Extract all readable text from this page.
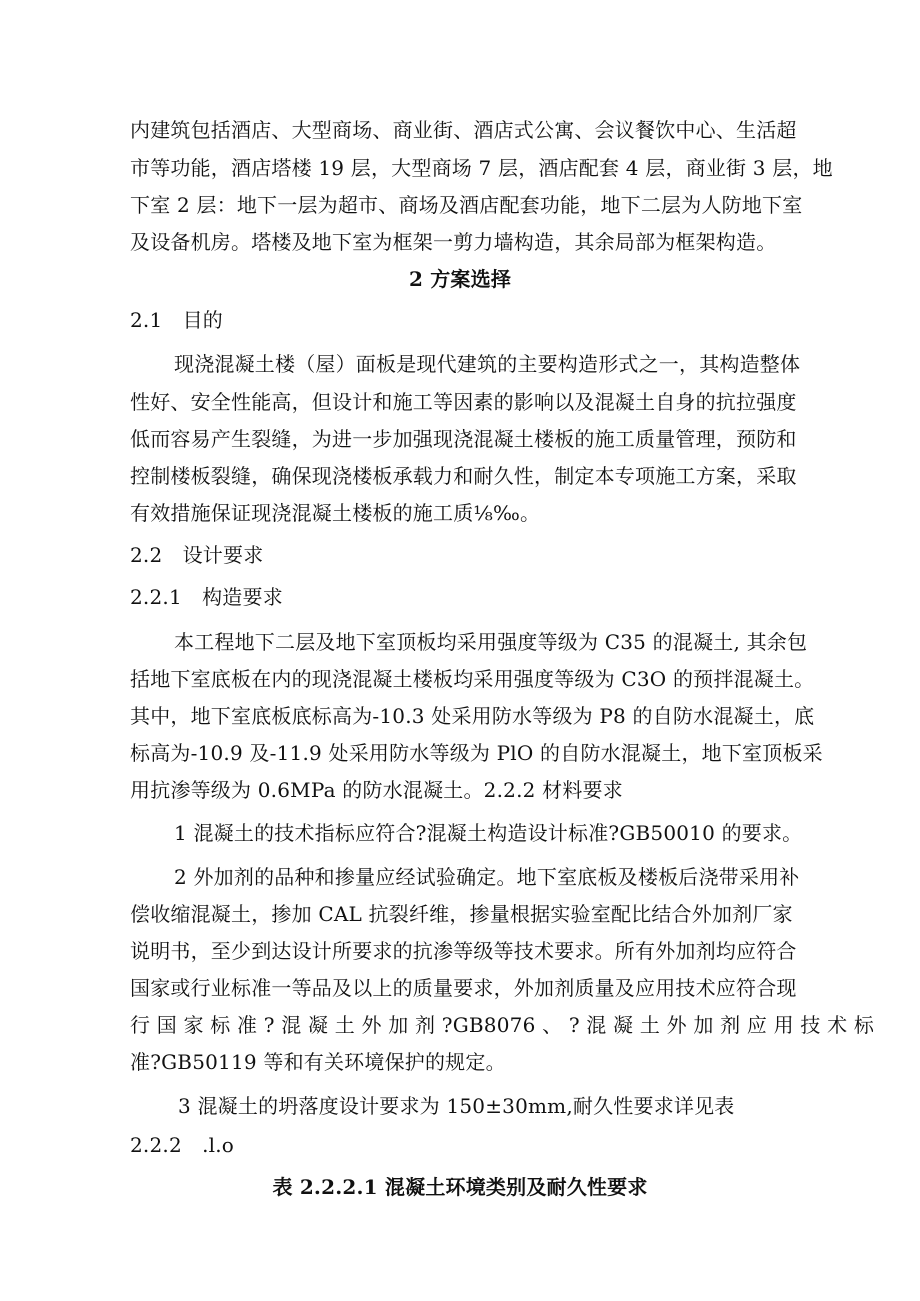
内建筑包括酒店、大型商场、商业街、酒店式公寓、会议餐饮中心、生活超
市等功能，酒店塔楼 19 层，大型商场 7 层，酒店配套 4 层，商业街 3 层，地
下室 2 层：地下一层为超市、商场及酒店配套功能，地下二层为人防地下室
及设备机房。塔楼及地下室为框架一剪力墙构造，其余局部为框架构造。
2 方案选择
2.1　目的
现浇混凝土楼（屋）面板是现代建筑的主要构造形式之一，其构造整体
性好、安全性能高，但设计和施工等因素的影响以及混凝土自身的抗拉强度
低而容易产生裂缝，为进一步加强现浇混凝土楼板的施工质量管理，预防和
控制楼板裂缝，确保现浇楼板承载力和耐久性，制定本专项施工方案，采取
有效措施保证现浇混凝土楼板的施工质⅛‰。
2.2　设计要求
2.2.1　构造要求
本工程地下二层及地下室顶板均采用强度等级为 C35 的混凝土, 其余包
括地下室底板在内的现浇混凝土楼板均采用强度等级为 C3O 的预拌混凝土。
其中，地下室底板底标高为-10.3 处采用防水等级为 P8 的自防水混凝土，底
标高为-10.9 及-11.9 处采用防水等级为 PlO 的自防水混凝土，地下室顶板采
用抗渗等级为 0.6MPa 的防水混凝土。2.2.2 材料要求
1 混凝土的技术指标应符合?混凝土构造设计标准?GB50010 的要求。
2 外加剂的品种和掺量应经试验确定。地下室底板及楼板后浇带采用补
偿收缩混凝土，掺加 CAL 抗裂纤维，掺量根据实验室配比结合外加剂厂家
说明书，至少到达设计所要求的抗渗等级等技术要求。所有外加剂均应符合
国家或行业标准一等品及以上的质量要求，外加剂质量及应用技术应符合现
行 国 家 标 准 ? 混 凝 土 外 加 剂 ?GB8076 、 ? 混 凝 土 外 加 剂 应 用 技 术 标
准?GB50119 等和有关环境保护的规定。
3 混凝土的坍落度设计要求为 150±30mm,耐久性要求详见表
2.2.2　.l.o
表 2.2.2.1 混凝土环境类别及耐久性要求
